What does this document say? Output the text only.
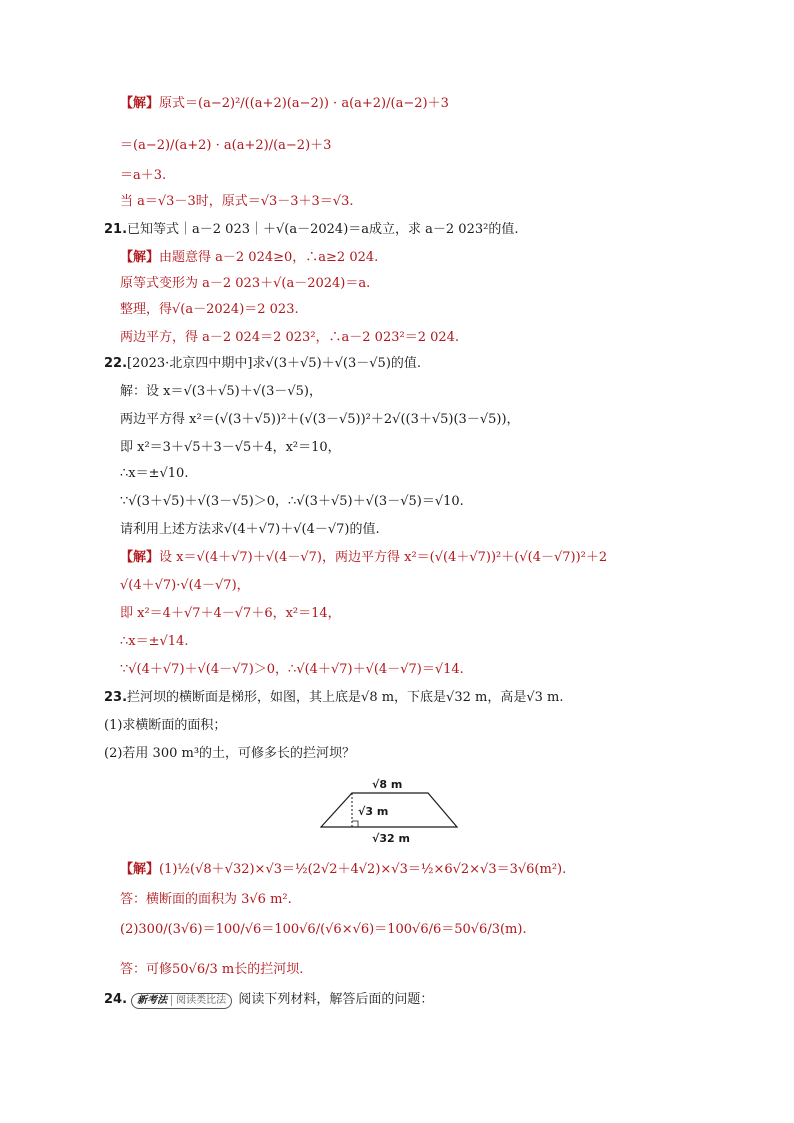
【解】原式＝(a−2)²/((a+2)(a−2)) · a(a+2)/(a−2)＋3
＝(a−2)/(a+2) · a(a+2)/(a−2)＋3
＝a＋3.
当 a＝√3－3时，原式＝√3－3＋3＝√3.
21.已知等式｜a－2 023｜＋√(a－2024)＝a成立，求 a－2 023²的值.
【解】由题意得 a－2 024≥0，∴a≥2 024.
原等式变形为 a－2 023＋√(a－2024)＝a.
整理，得√(a－2024)＝2 023.
两边平方，得 a－2 024＝2 023²，∴a－2 023²＝2 024.
22.[2023·北京四中期中]求√(3＋√5)＋√(3－√5)的值.
解：设 x＝√(3＋√5)＋√(3－√5)，
两边平方得 x²＝(√(3＋√5))²＋(√(3－√5))²＋2√((3＋√5)(3－√5))，
即 x²＝3＋√5＋3－√5＋4，x²＝10，
∴x＝±√10.
∵√(3＋√5)＋√(3－√5)＞0，∴√(3＋√5)＋√(3－√5)＝√10.
请利用上述方法求√(4＋√7)＋√(4－√7)的值.
【解】设 x＝√(4＋√7)＋√(4－√7)，两边平方得 x²＝(√(4＋√7))²＋(√(4－√7))²＋2
√(4＋√7)·√(4－√7)，
即 x²＝4＋√7＋4－√7＋6，x²＝14，
∴x＝±√14.
∵√(4＋√7)＋√(4－√7)＞0，∴√(4＋√7)＋√(4－√7)＝√14.
23.拦河坝的横断面是梯形，如图，其上底是√8 m，下底是√32 m，高是√3 m.
(1)求横断面的面积；
(2)若用 300 m³的土，可修多长的拦河坝？
【解】(1)½(√8＋√32)×√3＝½(2√2＋4√2)×√3＝½×6√2×√3＝3√6(m²).
答：横断面的面积为 3√6 m².
(2)300/(3√6)＝100/√6＝100√6/(√6×√6)＝100√6/6＝50√6/3(m).
答：可修50√6/3 m长的拦河坝.
√8 m
√3 m
√32 m
24. 新考法 阅读类比法 阅读下列材料，解答后面的问题：
